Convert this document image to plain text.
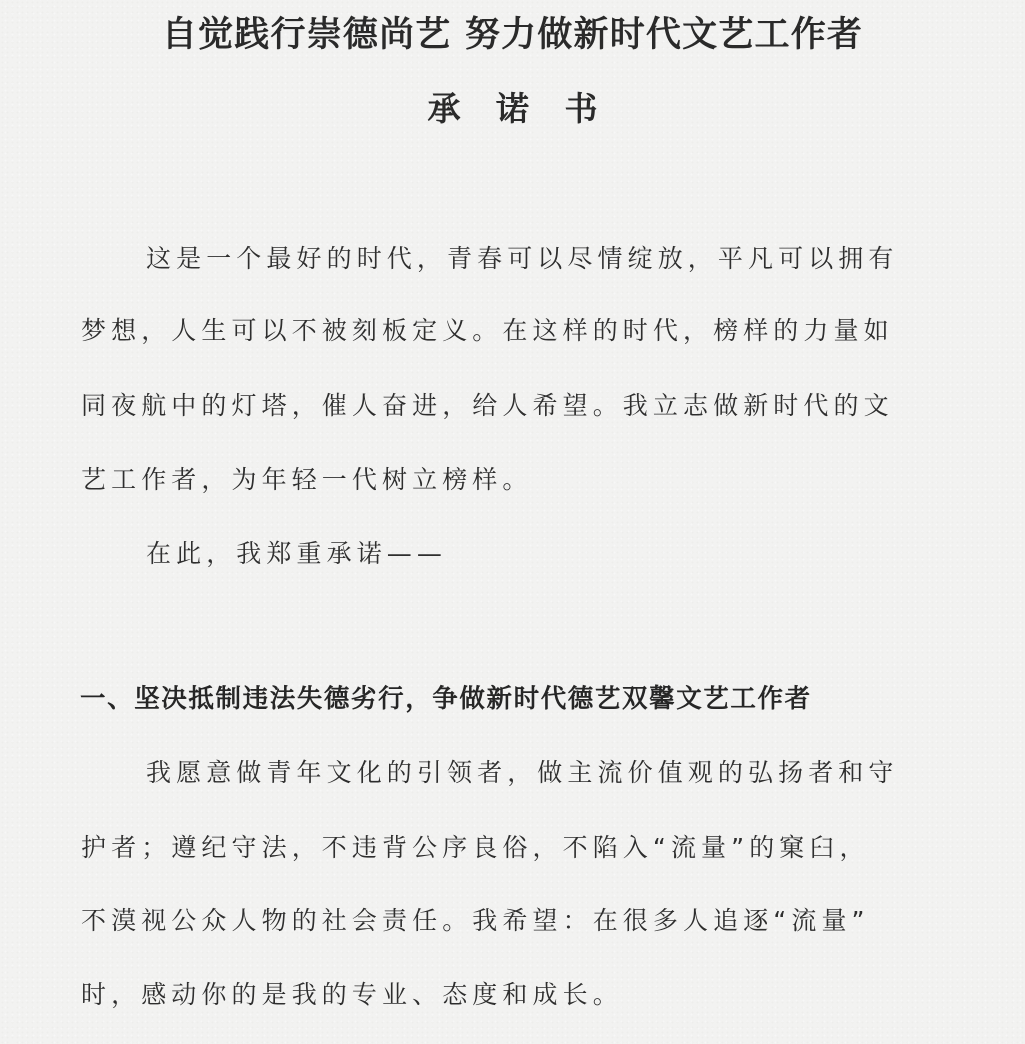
自觉践行崇德尚艺 努力做新时代文艺工作者
承 诺 书

这是一个最好的时代，青春可以尽情绽放，平凡可以拥有

梦想，人生可以不被刻板定义。在这样的时代，榜样的力量如

同夜航中的灯塔，催人奋进，给人希望。我立志做新时代的文

艺工作者，为年轻一代树立榜样。

在此，我郑重承诺——

一、坚决抵制违法失德劣行，争做新时代德艺双馨文艺工作者

我愿意做青年文化的引领者，做主流价值观的弘扬者和守

护者；遵纪守法，不违背公序良俗，不陷入“流量”的窠臼，

不漠视公众人物的社会责任。我希望：在很多人追逐“流量”

时，感动你的是我的专业、态度和成长。
